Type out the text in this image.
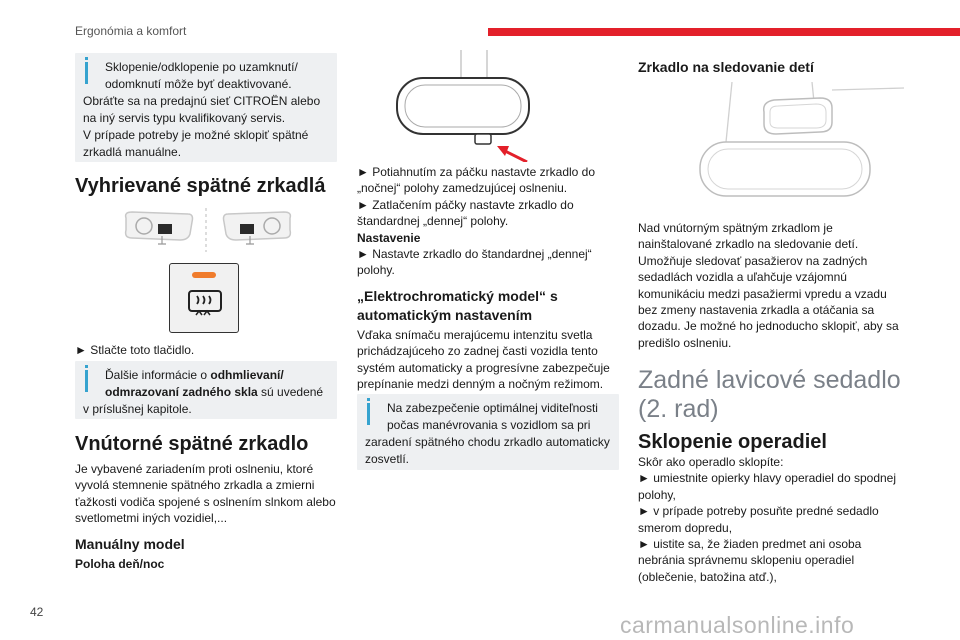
Ergonómia a komfort
Sklopenie/odklopenie po uzamknutí/
odomknutí môže byť deaktivované.
Obráťte sa na predajnú sieť CITROËN alebo
na iný servis typu kvalifikovaný servis.
V prípade potreby je možné sklopiť spätné
zrkadlá manuálne.
Vyhrievané spätné zrkadlá
► Stlačte toto tlačidlo.
Ďalšie informácie o odhmlievaní/
odmrazovaní zadného skla sú uvedené
v príslušnej kapitole.
Vnútorné spätné zrkadlo
Je vybavené zariadením proti oslneniu, ktoré
vyvolá stemnenie spätného zrkadla a zmierni
ťažkosti vodiča spojené s oslnením slnkom alebo
svetlometmi iných vozidiel,...
Manuálny model
Poloha deň/noc
► Potiahnutím za páčku nastavte zrkadlo do
„nočnej“ polohy zamedzujúcej oslneniu.
► Zatlačením páčky nastavte zrkadlo do
štandardnej „dennej“ polohy.
Nastavenie
► Nastavte zrkadlo do štandardnej „dennej“
polohy.
„Elektrochromatický model“ s
automatickým nastavením
Vďaka snímaču merajúcemu intenzitu svetla
prichádzajúceho zo zadnej časti vozidla tento
systém automaticky a progresívne zabezpečuje
prepínanie medzi denným a nočným režimom.
Na zabezpečenie optimálnej viditeľnosti
počas manévrovania s vozidlom sa pri
zaradení spätného chodu zrkadlo automaticky
zosvetlí.
Zrkadlo na sledovanie detí
Nad vnútorným spätným zrkadlom je
nainštalované zrkadlo na sledovanie detí.
Umožňuje sledovať pasažierov na zadných
sedadlách vozidla a uľahčuje vzájomnú
komunikáciu medzi pasažiermi vpredu a vzadu
bez zmeny nastavenia zrkadla a otáčania sa
dozadu. Je možné ho jednoducho sklopiť, aby sa
predišlo oslneniu.
Zadné lavicové sedadlo
(2. rad)
Sklopenie operadiel
Skôr ako operadlo sklopíte:
► umiestnite opierky hlavy operadiel do spodnej
polohy,
► v prípade potreby posuňte predné sedadlo
smerom dopredu,
► uistite sa, že žiaden predmet ani osoba
nebránia správnemu sklopeniu operadiel
(oblečenie, batožina atď.),
42	carmanualsonline.info
